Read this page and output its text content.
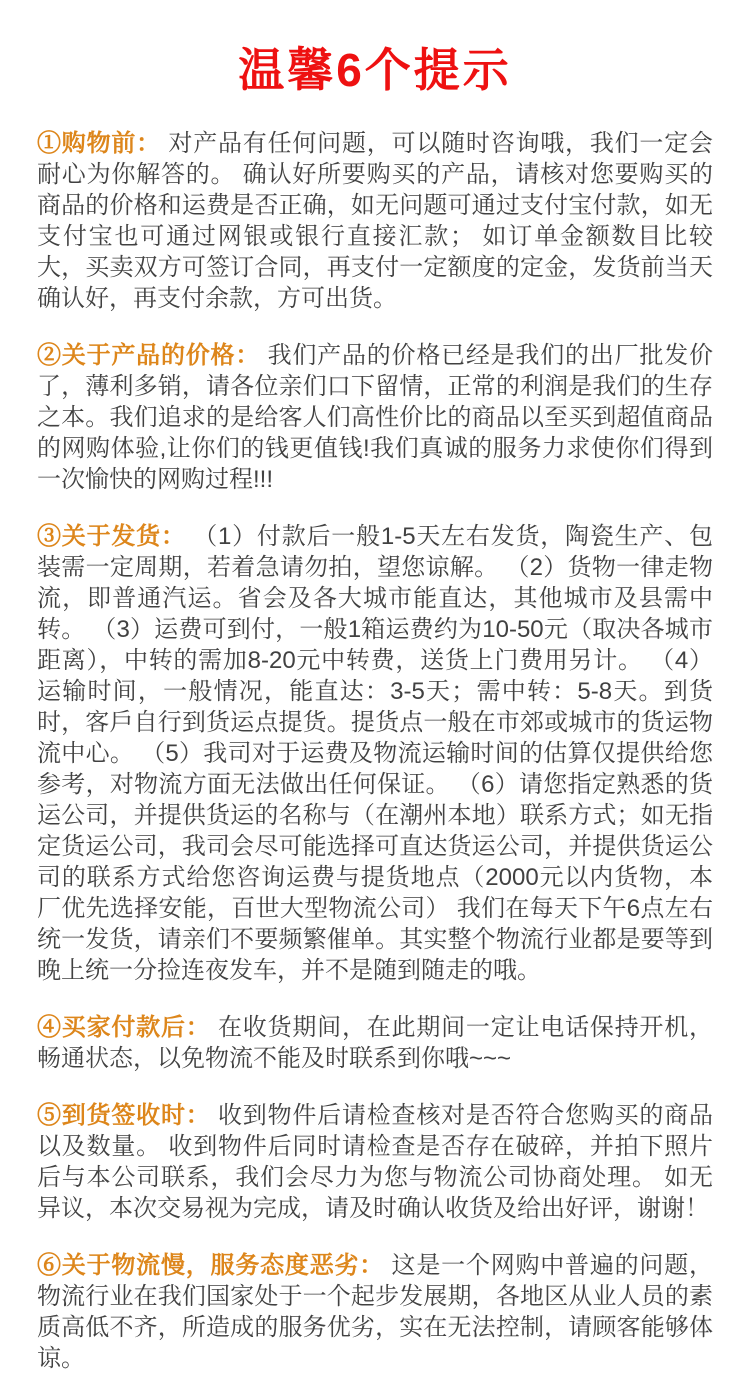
温馨6个提示

①购物前： 对产品有任何问题，可以随时咨询哦，我们一定会耐心为你解答的。 确认好所要购买的产品，请核对您要购买的商品的价格和运费是否正确，如无问题可通过支付宝付款，如无支付宝也可通过网银或银行直接汇款； 如订单金额数目比较大，买卖双方可签订合同，再支付一定额度的定金，发货前当天确认好，再支付余款，方可出货。

②关于产品的价格： 我们产品的价格已经是我们的出厂批发价了，薄利多销，请各位亲们口下留情，正常的利润是我们的生存之本。我们追求的是给客人们高性价比的商品以至买到超值商品的网购体验,让你们的钱更值钱!我们真诚的服务力求使你们得到一次愉快的网购过程!!!

③关于发货： （1）付款后一般1-5天左右发货，陶瓷生产、包装需一定周期，若着急请勿拍，望您谅解。 （2）货物一律走物流，即普通汽运。省会及各大城市能直达，其他城市及县需中转。 （3）运费可到付，一般1箱运费约为10-50元（取决各城市距离），中转的需加8-20元中转费，送货上门费用另计。 （4）运输时间，一般情况，能直达：3-5天；需中转：5-8天。到货时，客戶自行到货运点提货。提货点一般在市郊或城市的货运物流中心。 （5）我司对于运费及物流运输时间的估算仅提供给您参考，对物流方面无法做出任何保证。 （6）请您指定熟悉的货运公司，并提供货运的名称与（在潮州本地）联系方式；如无指定货运公司，我司会尽可能选择可直达货运公司，并提供货运公司的联系方式给您咨询运费与提货地点（2000元以内货物，本厂优先选择安能，百世大型物流公司） 我们在每天下午6点左右统一发货，请亲们不要频繁催单。其实整个物流行业都是要等到晚上统一分捡连夜发车，并不是随到随走的哦。

④买家付款后： 在收货期间，在此期间一定让电话保持开机，畅通状态，以免物流不能及时联系到你哦~~~

⑤到货签收时： 收到物件后请检查核对是否符合您购买的商品以及数量。 收到物件后同时请检查是否存在破碎，并拍下照片后与本公司联系，我们会尽力为您与物流公司协商处理。 如无异议，本次交易视为完成，请及时确认收货及给出好评，谢谢！

⑥关于物流慢，服务态度恶劣： 这是一个网购中普遍的问题，物流行业在我们国家处于一个起步发展期，各地区从业人员的素质高低不齐，所造成的服务优劣，实在无法控制，请顾客能够体谅。
